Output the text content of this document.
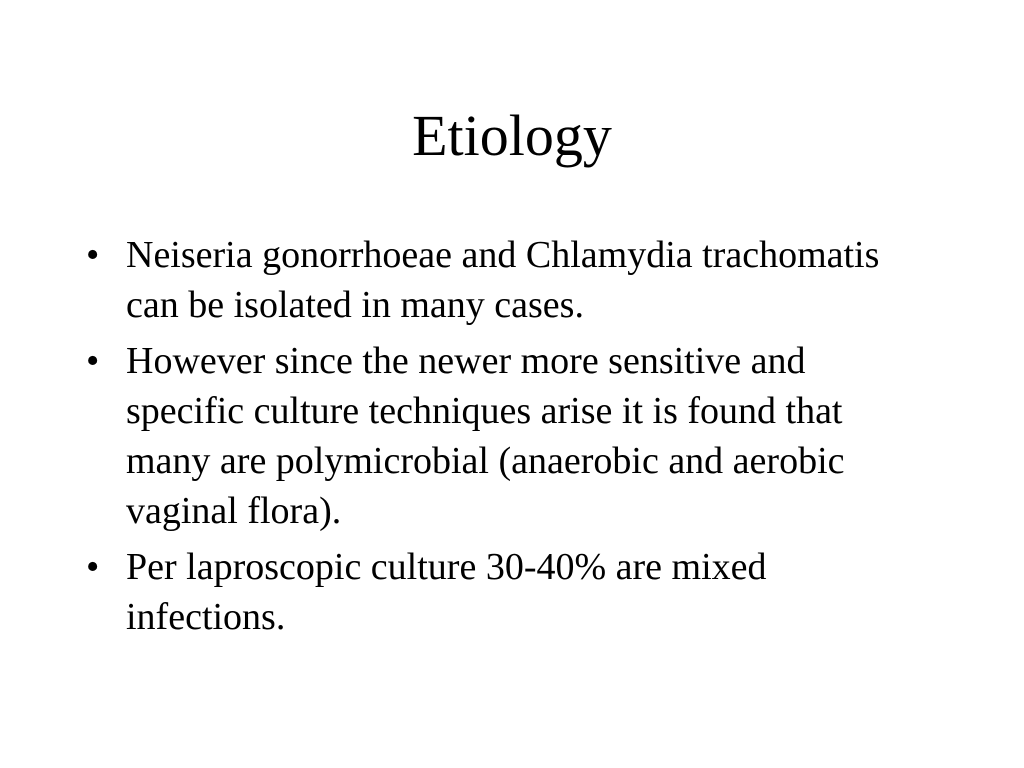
Etiology
• Neiseria gonorrhoeae and Chlamydia trachomatis can be isolated in many cases.
• However since the newer more sensitive and specific culture techniques arise it is found that many are polymicrobial (anaerobic and aerobic vaginal flora).
• Per laproscopic culture 30-40% are mixed infections.
